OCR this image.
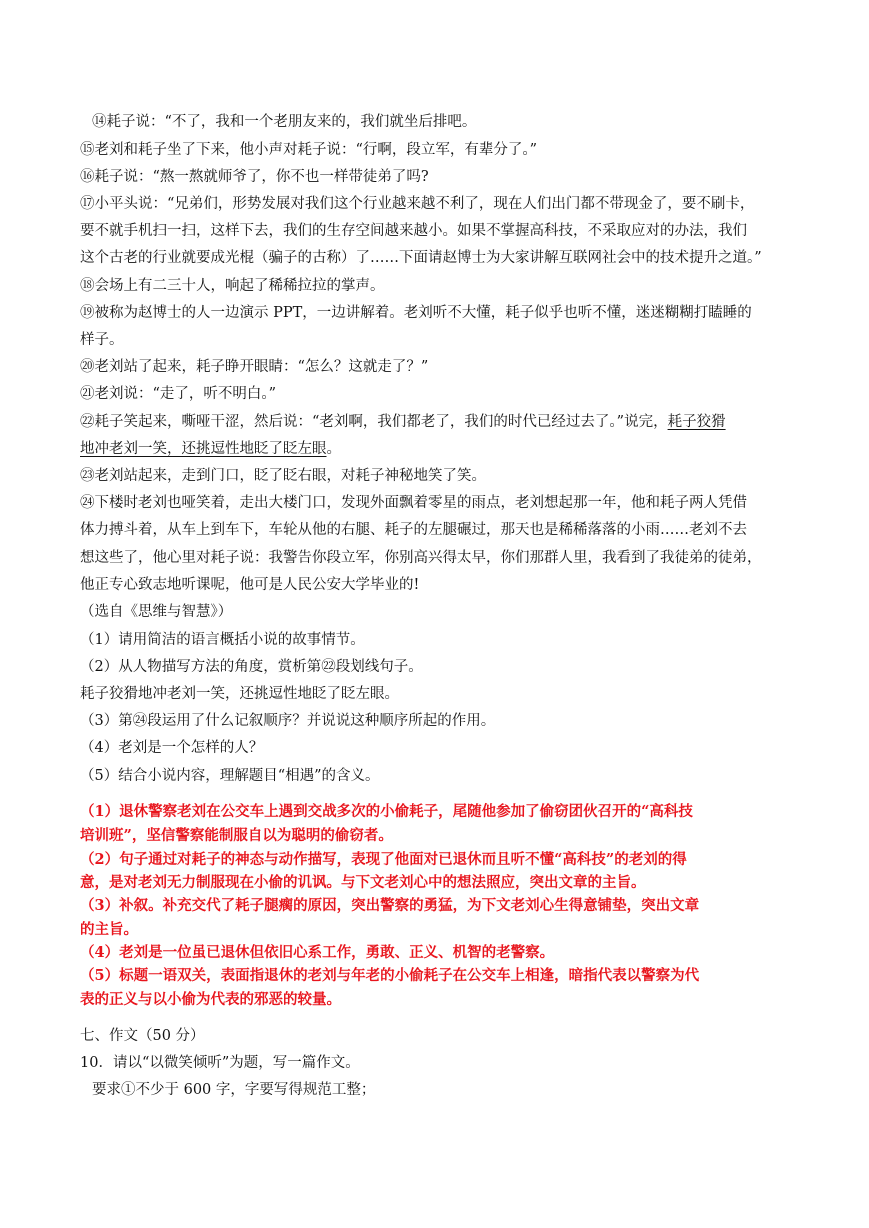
⑭耗子说：“不了，我和一个老朋友来的，我们就坐后排吧。

⑮老刘和耗子坐了下来，他小声对耗子说：“行啊，段立军，有辈分了。”

⑯耗子说：“熬一熬就师爷了，你不也一样带徒弟了吗?

⑰小平头说：“兄弟们，形势发展对我们这个行业越来越不利了，现在人们出门都不带现金了，要不刷卡，

要不就手机扫一扫，这样下去，我们的生存空间越来越小。如果不掌握高科技，不采取应对的办法，我们

这个古老的行业就要成光棍（骗子的古称）了……下面请赵博士为大家讲解互联网社会中的技术提升之道。”

⑱会场上有二三十人，响起了稀稀拉拉的掌声。

⑲被称为赵博士的人一边演示 PPT，一边讲解着。老刘听不大懂，耗子似乎也听不懂，迷迷糊糊打瞌睡的

样子。

⑳老刘站了起来，耗子睁开眼睛：“怎么？这就走了？”

㉑老刘说：“走了，听不明白。”

㉒耗子笑起来，嘶哑干涩，然后说：“老刘啊，我们都老了，我们的时代已经过去了。”说完，耗子狡猾

地冲老刘一笑，还挑逗性地眨了眨左眼。

㉓老刘站起来，走到门口，眨了眨右眼，对耗子神秘地笑了笑。

㉔下楼时老刘也哑笑着，走出大楼门口，发现外面飘着零星的雨点，老刘想起那一年，他和耗子两人凭借

体力搏斗着，从车上到车下，车轮从他的右腿、耗子的左腿碾过，那天也是稀稀落落的小雨……老刘不去

想这些了，他心里对耗子说：我警告你段立军，你别高兴得太早，你们那群人里，我看到了我徒弟的徒弟，

他正专心致志地听课呢，他可是人民公安大学毕业的!

（选自《思维与智慧》）

（1）请用简洁的语言概括小说的故事情节。

（2）从人物描写方法的角度，赏析第㉒段划线句子。

耗子狡猾地冲老刘一笑，还挑逗性地眨了眨左眼。

（3）第㉔段运用了什么记叙顺序？并说说这种顺序所起的作用。

（4）老刘是一个怎样的人？

（5）结合小说内容，理解题目“相遇”的含义。

（1）退休警察老刘在公交车上遇到交战多次的小偷耗子，尾随他参加了偷窃团伙召开的“高科技

培训班”，坚信警察能制服自以为聪明的偷窃者。

（2）句子通过对耗子的神态与动作描写，表现了他面对已退休而且听不懂“高科技”的老刘的得

意，是对老刘无力制服现在小偷的讥讽。与下文老刘心中的想法照应，突出文章的主旨。

（3）补叙。补充交代了耗子腿瘸的原因，突出警察的勇猛，为下文老刘心生得意铺垫，突出文章

的主旨。

（4）老刘是一位虽已退休但依旧心系工作，勇敢、正义、机智的老警察。

（5）标题一语双关，表面指退休的老刘与年老的小偷耗子在公交车上相逢，暗指代表以警察为代

表的正义与以小偷为代表的邪恶的较量。

七、作文（50 分）

10．请以“以微笑倾听”为题，写一篇作文。

要求①不少于 600 字，字要写得规范工整；
